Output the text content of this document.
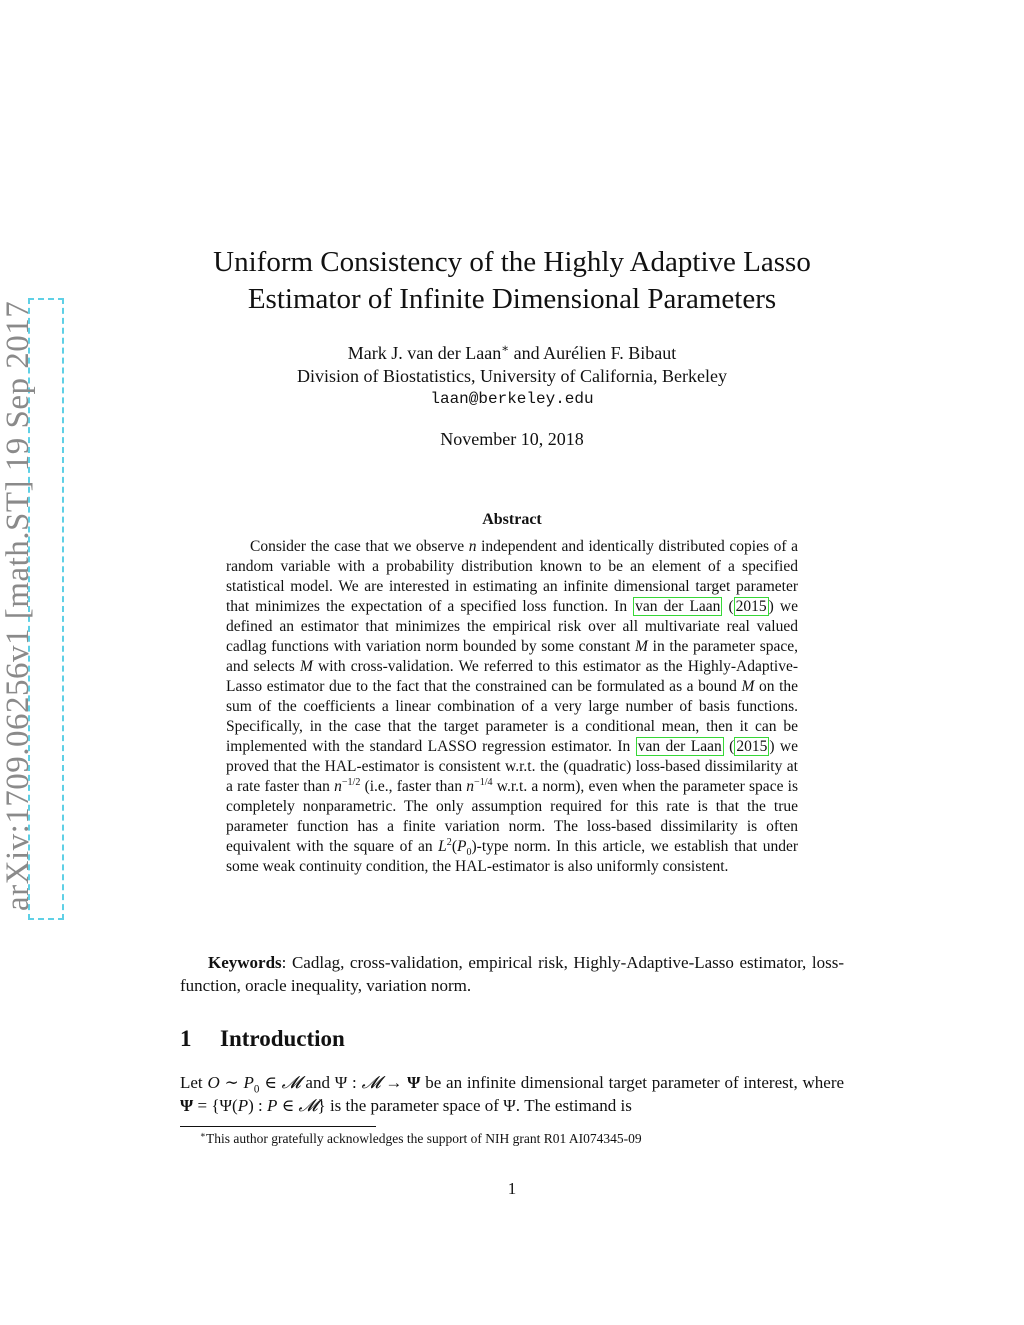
arXiv:1709.06256v1 [math.ST] 19 Sep 2017
Uniform Consistency of the Highly Adaptive Lasso
Estimator of Infinite Dimensional Parameters
Mark J. van der Laan∗ and Aurélien F. Bibaut
Division of Biostatistics, University of California, Berkeley
laan@berkeley.edu
November 10, 2018
Abstract

Consider the case that we observe n independent and identically distributed copies of a random variable with a probability distribution known to be an element of a specified statistical model. We are interested in estimating an infinite dimensional target parameter that minimizes the expectation of a specified loss function. In van der Laan ( 2015 ) we defined an estimator that minimizes the empirical risk over all multivariate real valued cadlag functions with variation norm bounded by some constant M in the parameter space, and selects M with cross-validation. We referred to this estimator as the Highly-Adaptive-Lasso estimator due to the fact that the constrained can be formulated as a bound M on the sum of the coefficients a linear combination of a very large number of basis functions. Specifically, in the case that the target parameter is a conditional mean, then it can be implemented with the standard LASSO regression estimator. In van der Laan ( 2015 ) we proved that the HAL-estimator is consistent w.r.t. the (quadratic) loss-based dissimilarity at a rate faster than $n^{-1/2}$ (i.e., faster than $n^{-1/4}$ w.r.t. a norm), even when the parameter space is completely nonparametric. The only assumption required for this rate is that the true parameter function has a finite variation norm. The loss-based dissimilarity is often equivalent with the square of an $L^2(P_0)$-type norm. In this article, we establish that under some weak continuity condition, the HAL-estimator is also uniformly consistent.

Keywords: Cadlag, cross-validation, empirical risk, Highly-Adaptive-Lasso estimator, loss-function, oracle inequality, variation norm.

1 Introduction

Let O ∼ $P_0$ ∈ 𝓜 and Ψ : 𝓜 → Ψ be an infinite dimensional target parameter of interest, where Ψ = {Ψ(P) : P ∈ 𝓜} is the parameter space of Ψ. The estimand is

∗This author gratefully acknowledges the support of NIH grant R01 AI074345-09
1
